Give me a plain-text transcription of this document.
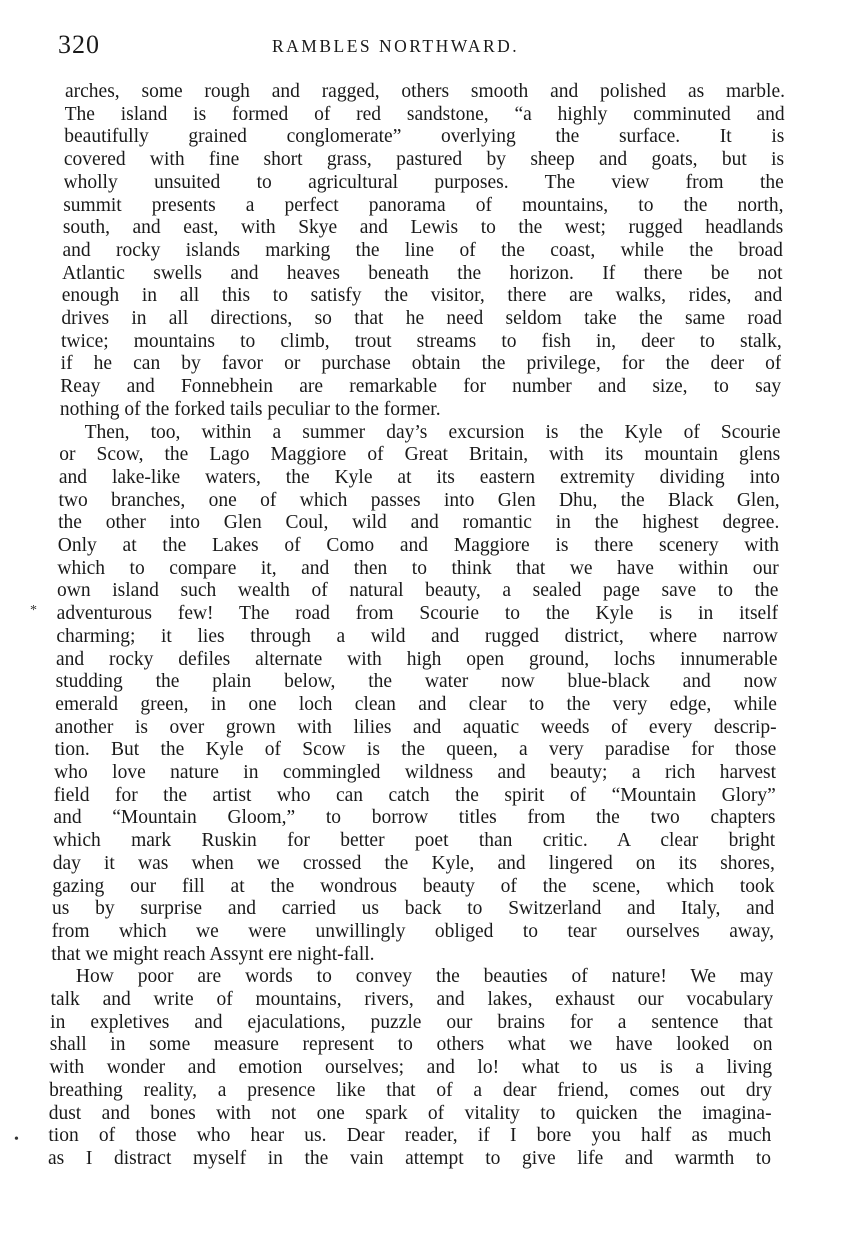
320	RAMBLES NORTHWARD.
arches, some rough and ragged, others smooth and polished as marble.
The island is formed of red sandstone, “a highly comminuted and
beautifully grained conglomerate” overlying the surface. It is
covered with fine short grass, pastured by sheep and goats, but is
wholly unsuited to agricultural purposes. The view from the
summit presents a perfect panorama of mountains, to the north,
south, and east, with Skye and Lewis to the west; rugged headlands
and rocky islands marking the line of the coast, while the broad
Atlantic swells and heaves beneath the horizon. If there be not
enough in all this to satisfy the visitor, there are walks, rides, and
drives in all directions, so that he need seldom take the same road
twice; mountains to climb, trout streams to fish in, deer to stalk,
if he can by favor or purchase obtain the privilege, for the deer of
Reay and Fonnebhein are remarkable for number and size, to say
nothing of the forked tails peculiar to the former.
Then, too, within a summer day’s excursion is the Kyle of Scourie
or Scow, the Lago Maggiore of Great Britain, with its mountain glens
and lake-like waters, the Kyle at its eastern extremity dividing into
two branches, one of which passes into Glen Dhu, the Black Glen,
the other into Glen Coul, wild and romantic in the highest degree.
Only at the Lakes of Como and Maggiore is there scenery with
which to compare it, and then to think that we have within our
own island such wealth of natural beauty, a sealed page save to the
adventurous few! The road from Scourie to the Kyle is in itself
charming; it lies through a wild and rugged district, where narrow
and rocky defiles alternate with high open ground, lochs innumerable
studding the plain below, the water now blue-black and now
emerald green, in one loch clean and clear to the very edge, while
another is over grown with lilies and aquatic weeds of every descrip-
tion. But the Kyle of Scow is the queen, a very paradise for those
who love nature in commingled wildness and beauty; a rich harvest
field for the artist who can catch the spirit of “Mountain Glory”
and “Mountain Gloom,” to borrow titles from the two chapters
which mark Ruskin for better poet than critic. A clear bright
day it was when we crossed the Kyle, and lingered on its shores,
gazing our fill at the wondrous beauty of the scene, which took
us by surprise and carried us back to Switzerland and Italy, and
from which we were unwillingly obliged to tear ourselves away,
that we might reach Assynt ere night-fall.
How poor are words to convey the beauties of nature! We may
talk and write of mountains, rivers, and lakes, exhaust our vocabulary
in expletives and ejaculations, puzzle our brains for a sentence that
shall in some measure represent to others what we have looked on
with wonder and emotion ourselves; and lo! what to us is a living
breathing reality, a presence like that of a dear friend, comes out dry
dust and bones with not one spark of vitality to quicken the imagina-
tion of those who hear us. Dear reader, if I bore you half as much
as I distract myself in the vain attempt to give life and warmth to
*
•
